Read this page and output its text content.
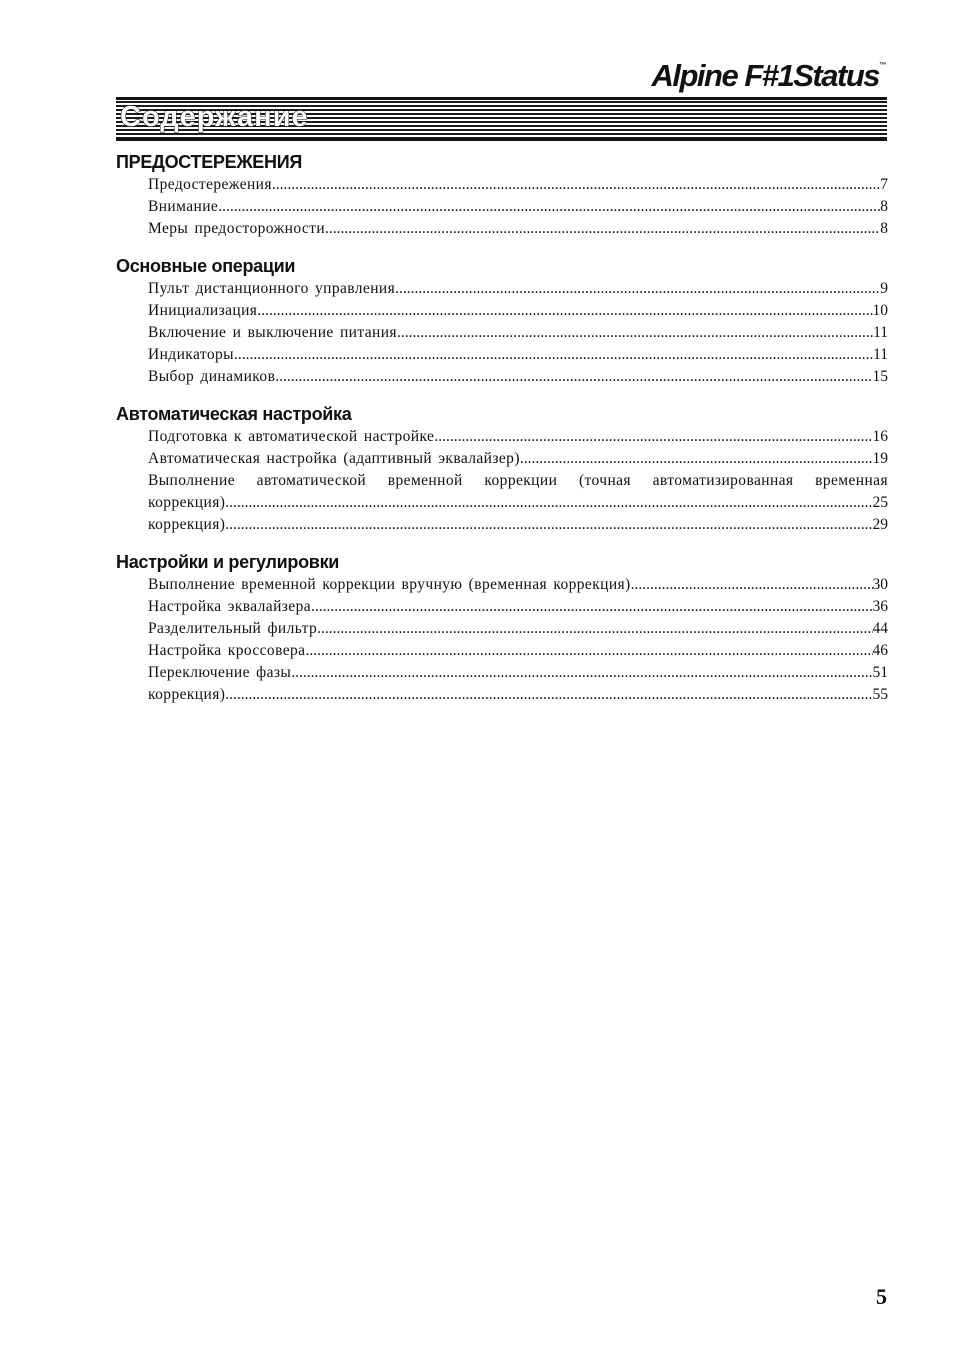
Alpine F#1Status™
Содержание
ПРЕДОСТЕРЕЖЕНИЯ
Предостережения .....	7
Внимание .....	8
Меры предосторожности .....	8
Основные операции
Пульт дистанционного управления .....	9
Инициализация .....	10
Включение и выключение питания .....	11
Индикаторы .....	11
Выбор динамиков .....	15
Автоматическая настройка
Подготовка к автоматической настройке .....	16
Автоматическая настройка (адаптивный эквалайзер) .....	19
Выполнение автоматической временной коррекции (точная автоматизированная временная
коррекция) .....	25
коррекция) .....	29
Настройки и регулировки
Выполнение временной коррекции вручную (временная коррекция) .....	30
Настройка эквалайзера .....	36
Разделительный фильтр .....	44
Настройка кроссовера .....	46
Переключение фазы .....	51
коррекция) .....	55
5
